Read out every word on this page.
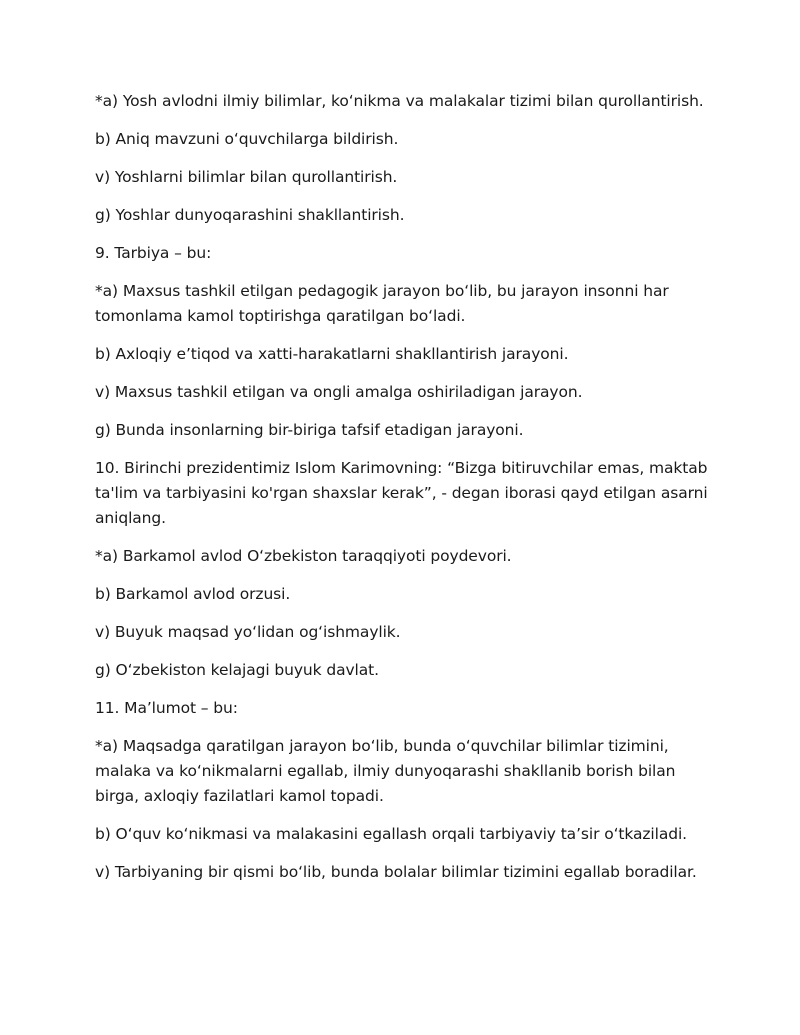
*a) Yosh avlodni ilmiy bilimlar, koʻnikma va malakalar tizimi bilan qurollantirish.

b) Aniq mavzuni oʻquvchilarga bildirish.

v) Yoshlarni bilimlar bilan qurollantirish.

g) Yoshlar dunyoqarashini shakllantirish.

9. Tarbiya – bu:

*a) Maxsus tashkil etilgan pedagogik jarayon boʻlib, bu jarayon insonni har tomonlama kamol toptirishga qaratilgan boʻladi.

b) Axloqiy e’tiqod va xatti-harakatlarni shakllantirish jarayoni.

v) Maxsus tashkil etilgan va ongli amalga oshiriladigan jarayon.

g) Bunda insonlarning bir-biriga tafsif etadigan jarayoni.

10. Birinchi prezidentimiz Islom Karimovning: “Bizga bitiruvchilar emas, maktab ta'lim va tarbiyasini ko'rgan shaxslar kerak”, - degan iborasi qayd etilgan asarni aniqlang.

*a) Barkamol avlod Oʻzbekiston taraqqiyoti poydevori.

b) Barkamol avlod orzusi.

v) Buyuk maqsad yoʻlidan ogʻishmaylik.

g) Oʻzbekiston kelajagi buyuk davlat.

11. Ma’lumot – bu:

*a) Maqsadga qaratilgan jarayon boʻlib, bunda oʻquvchilar bilimlar tizimini, malaka va koʻnikmalarni egallab, ilmiy dunyoqarashi shakllanib borish bilan birga, axloqiy fazilatlari kamol topadi.

b) Oʻquv koʻnikmasi va malakasini egallash orqali tarbiyaviy ta’sir oʻtkaziladi.

v) Tarbiyaning bir qismi boʻlib, bunda bolalar bilimlar tizimini egallab boradilar.
